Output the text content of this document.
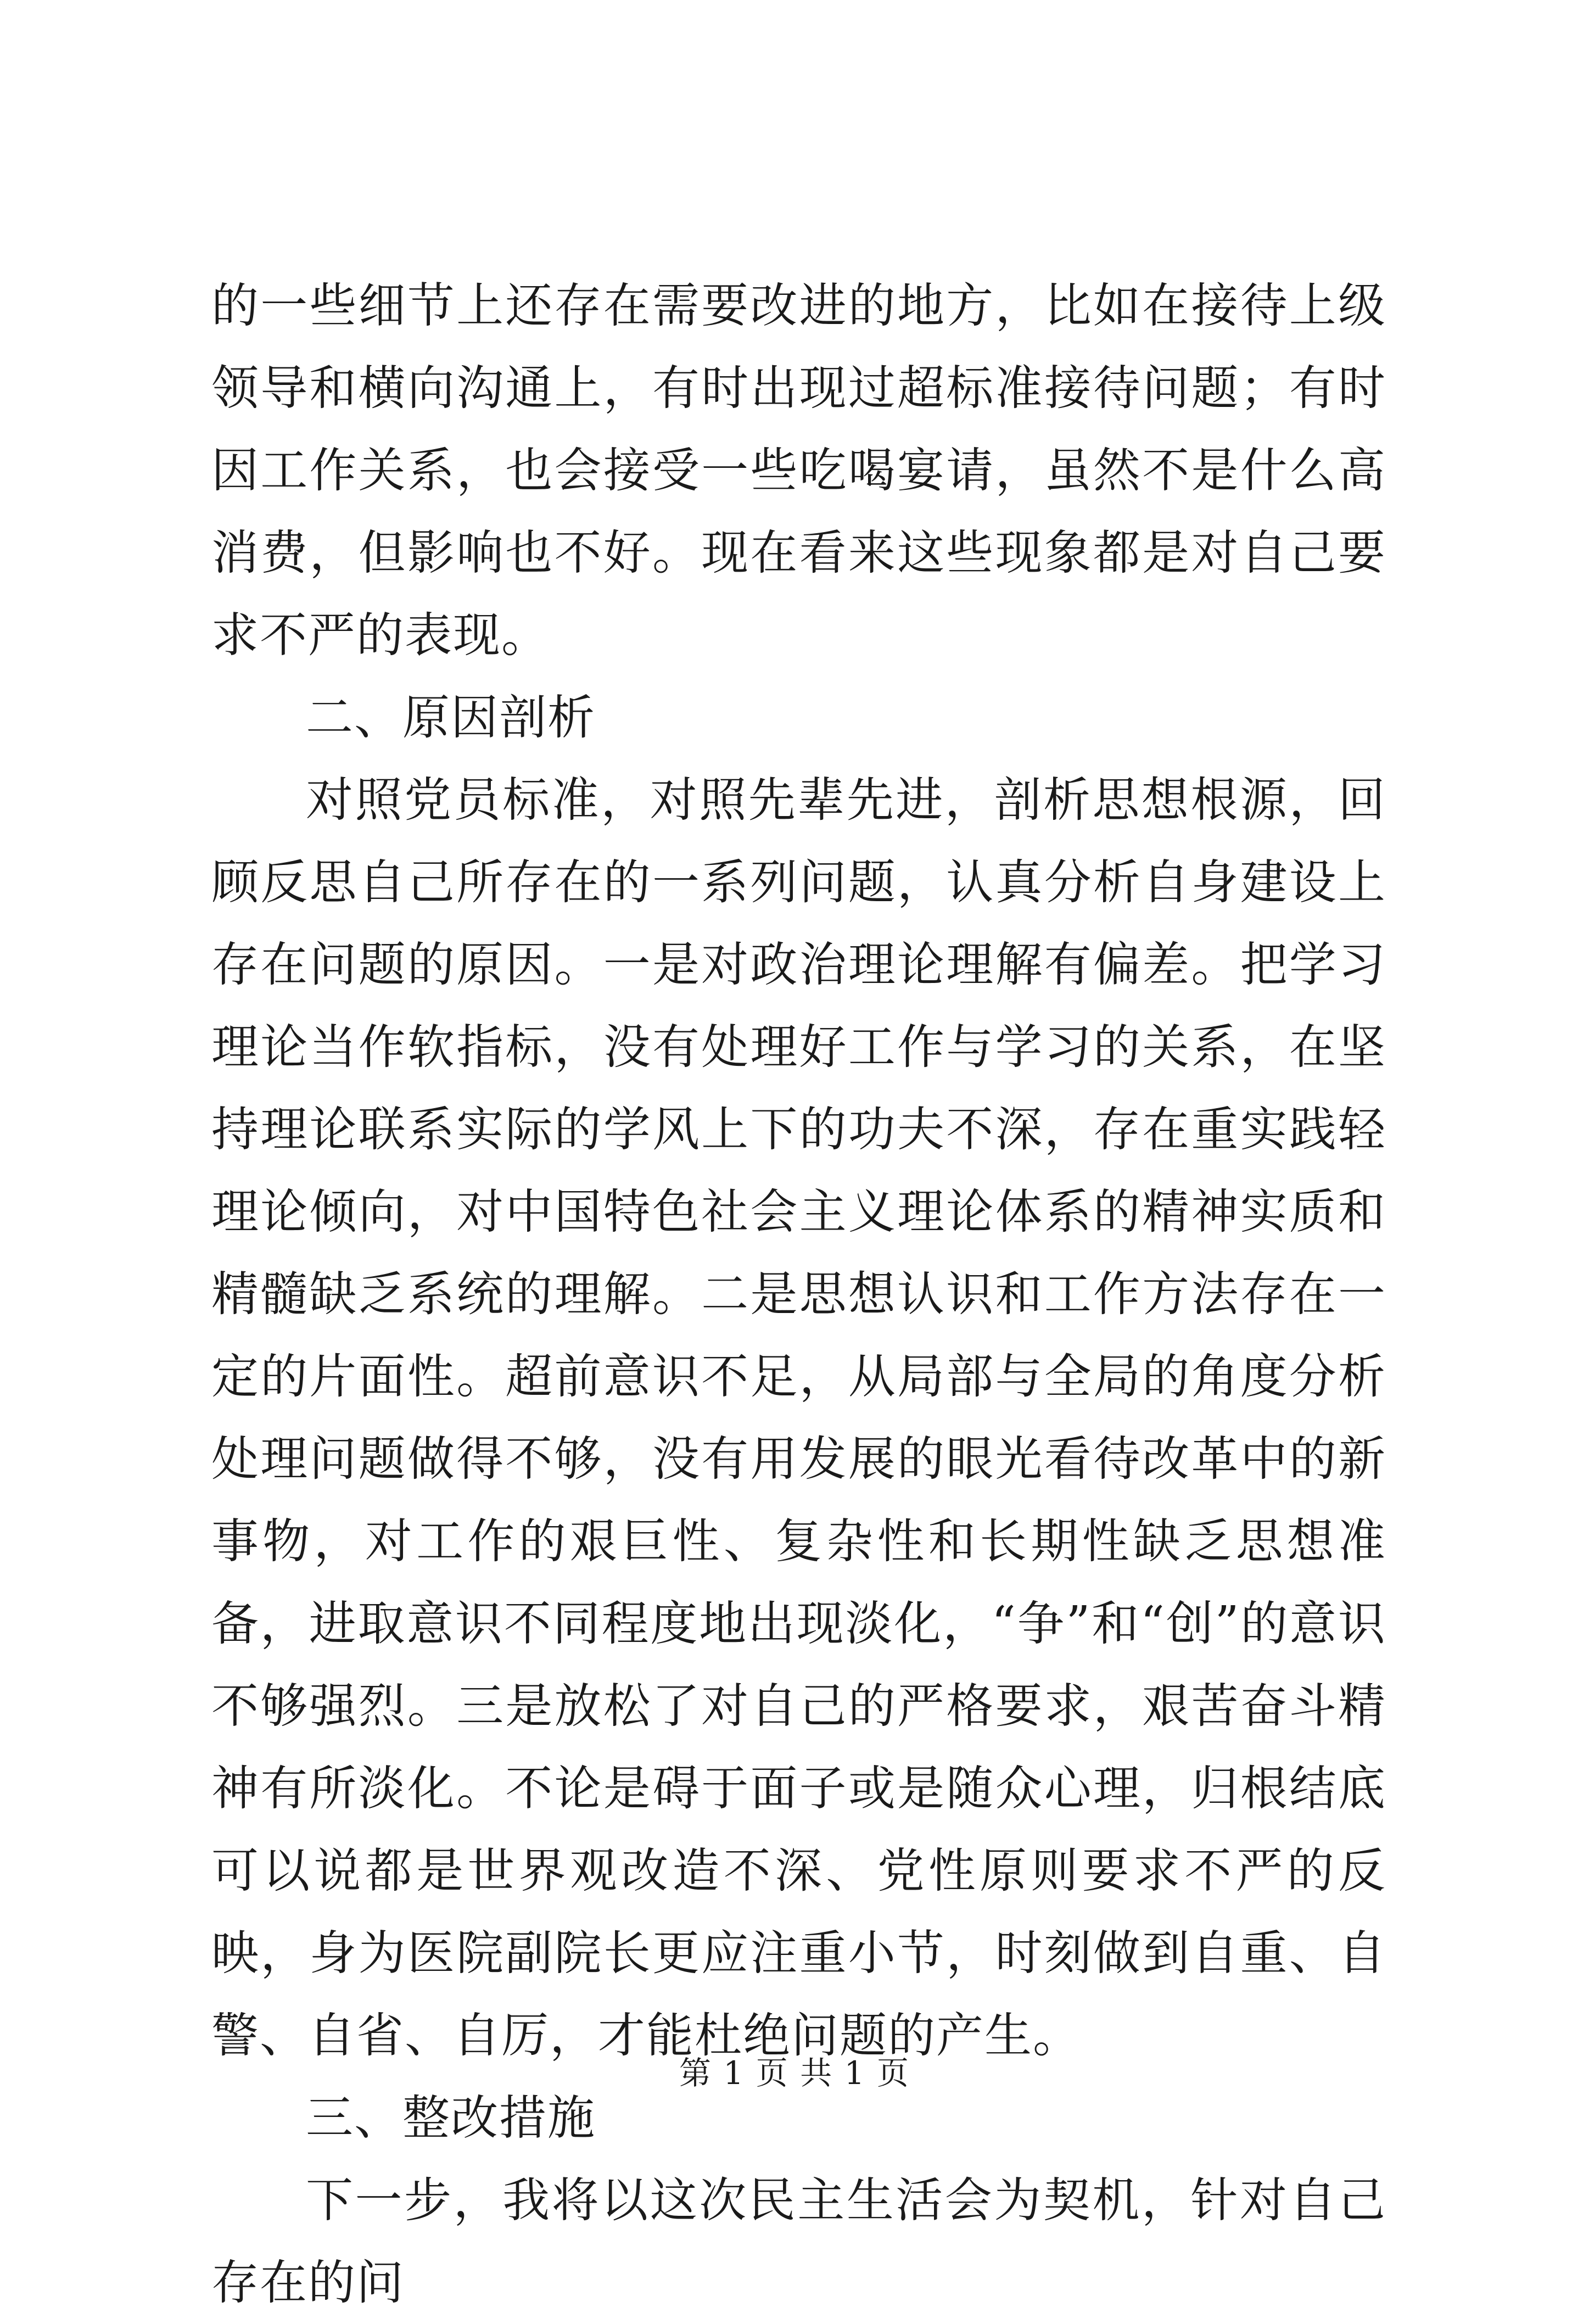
的一些细节上还存在需要改进的地方，比如在接待上级领导和横向沟通上，有时出现过超标准接待问题；有时因工作关系，也会接受一些吃喝宴请，虽然不是什么高消费，但影响也不好。现在看来这些现象都是对自己要求不严的表现。

二、原因剖析

对照党员标准，对照先辈先进，剖析思想根源，回顾反思自己所存在的一系列问题，认真分析自身建设上存在问题的原因。一是对政治理论理解有偏差。把学习理论当作软指标，没有处理好工作与学习的关系，在坚持理论联系实际的学风上下的功夫不深，存在重实践轻理论倾向，对中国特色社会主义理论体系的精神实质和精髓缺乏系统的理解。二是思想认识和工作方法存在一定的片面性。超前意识不足，从局部与全局的角度分析处理问题做得不够，没有用发展的眼光看待改革中的新事物，对工作的艰巨性、复杂性和长期性缺乏思想准备，进取意识不同程度地出现淡化，“争”和“创”的意识不够强烈。三是放松了对自己的严格要求，艰苦奋斗精神有所淡化。不论是碍于面子或是随众心理，归根结底可以说都是世界观改造不深、党性原则要求不严的反映，身为医院副院长更应注重小节，时刻做到自重、自警、自省、自厉，才能杜绝问题的产生。

三、整改措施

下一步，我将以这次民主生活会为契机，针对自己存在的问

第 1 页 共 1 页
